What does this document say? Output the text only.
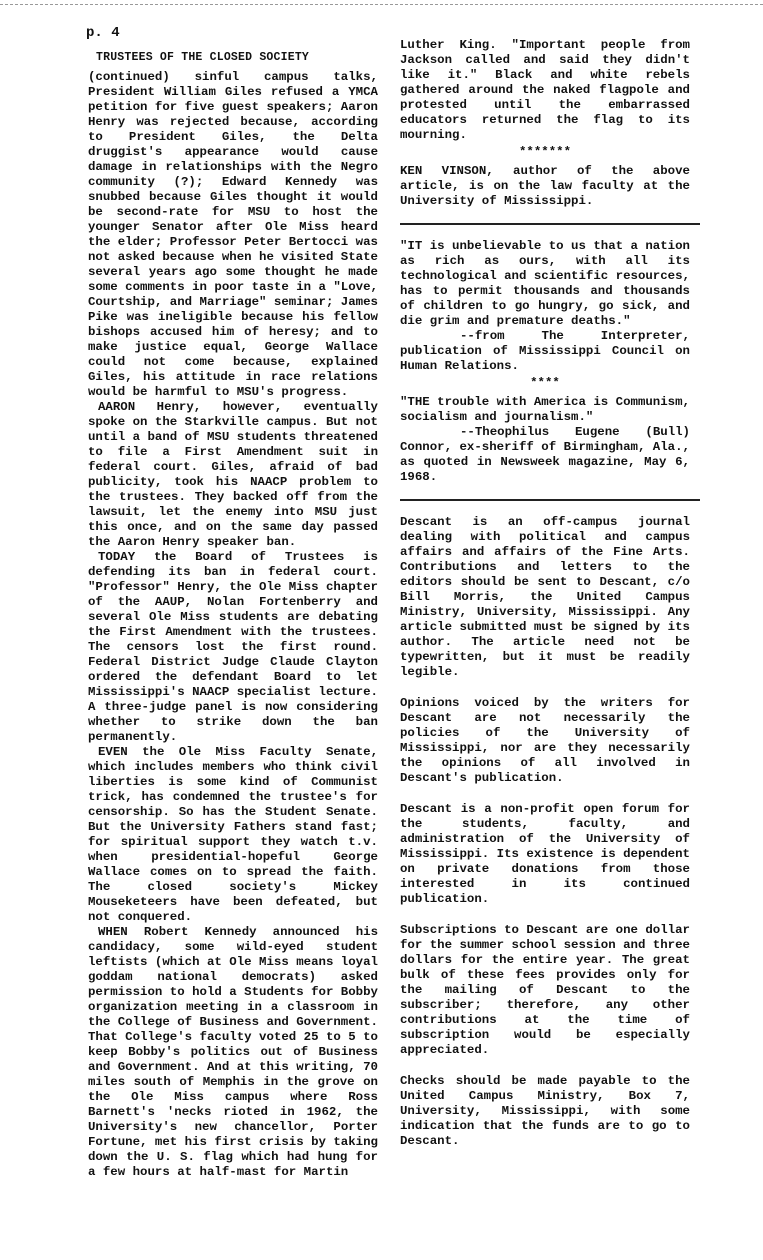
p. 4
TRUSTEES OF THE CLOSED SOCIETY

(continued) sinful campus talks, President William Giles refused a YMCA petition for five guest speakers; Aaron Henry was rejected because, according to President Giles, the Delta druggist's appearance would cause damage in relationships with the Negro community (?); Edward Kennedy was snubbed because Giles thought it would be second-rate for MSU to host the younger Senator after Ole Miss heard the elder; Professor Peter Bertocci was not asked because when he visited State several years ago some thought he made some comments in poor taste in a "Love, Courtship, and Marriage" seminar; James Pike was ineligible because his fellow bishops accused him of heresy; and to make justice equal, George Wallace could not come because, explained Giles, his attitude in race relations would be harmful to MSU's progress.

AARON Henry, however, eventually spoke on the Starkville campus. But not until a band of MSU students threatened to file a First Amendment suit in federal court. Giles, afraid of bad publicity, took his NAACP problem to the trustees. They backed off from the lawsuit, let the enemy into MSU just this once, and on the same day passed the Aaron Henry speaker ban.

TODAY the Board of Trustees is defending its ban in federal court. "Professor" Henry, the Ole Miss chapter of the AAUP, Nolan Fortenberry and several Ole Miss students are debating the First Amendment with the trustees. The censors lost the first round. Federal District Judge Claude Clayton ordered the defendant Board to let Mississippi's NAACP specialist lecture. A three-judge panel is now considering whether to strike down the ban permanently.

EVEN the Ole Miss Faculty Senate, which includes members who think civil liberties is some kind of Communist trick, has condemned the trustee's for censorship. So has the Student Senate. But the University Fathers stand fast; for spiritual support they watch t.v. when presidential-hopeful George Wallace comes on to spread the faith. The closed society's Mickey Mouseketeers have been defeated, but not conquered.

WHEN Robert Kennedy announced his candidacy, some wild-eyed student leftists (which at Ole Miss means loyal goddam national democrats) asked permission to hold a Students for Bobby organization meeting in a classroom in the College of Business and Government. That College's faculty voted 25 to 5 to keep Bobby's politics out of Business and Government. And at this writing, 70 miles south of Memphis in the grove on the Ole Miss campus where Ross Barnett's 'necks rioted in 1962, the University's new chancellor, Porter Fortune, met his first crisis by taking down the U. S. flag which had hung for a few hours at half-mast for Martin

Luther King. "Important people from Jackson called and said they didn't like it." Black and white rebels gathered around the naked flagpole and protested until the embarrassed educators returned the flag to its mourning.

*******

KEN VINSON, author of the above article, is on the law faculty at the University of Mississippi.

"IT is unbelievable to us that a nation as rich as ours, with all its technological and scientific resources, has to permit thousands and thousands of children to go hungry, go sick, and die grim and premature deaths."

--from The Interpreter, publication of Mississippi Council on Human Relations.

****

"THE trouble with America is Communism, socialism and journalism."

--Theophilus Eugene (Bull) Connor, ex-sheriff of Birmingham, Ala., as quoted in Newsweek magazine, May 6, 1968.

Descant is an off-campus journal dealing with political and campus affairs and affairs of the Fine Arts. Contributions and letters to the editors should be sent to Descant, c/o Bill Morris, the United Campus Ministry, University, Mississippi. Any article submitted must be signed by its author. The article need not be typewritten, but it must be readily legible.

Opinions voiced by the writers for Descant are not necessarily the policies of the University of Mississippi, nor are they necessarily the opinions of all involved in Descant's publication.

Descant is a non-profit open forum for the students, faculty, and administration of the University of Mississippi. Its existence is dependent on private donations from those interested in its continued publication.

Subscriptions to Descant are one dollar for the summer school session and three dollars for the entire year. The great bulk of these fees provides only for the mailing of Descant to the subscriber; therefore, any other contributions at the time of subscription would be especially appreciated.

Checks should be made payable to the United Campus Ministry, Box 7, University, Mississippi, with some indication that the funds are to go to Descant.
